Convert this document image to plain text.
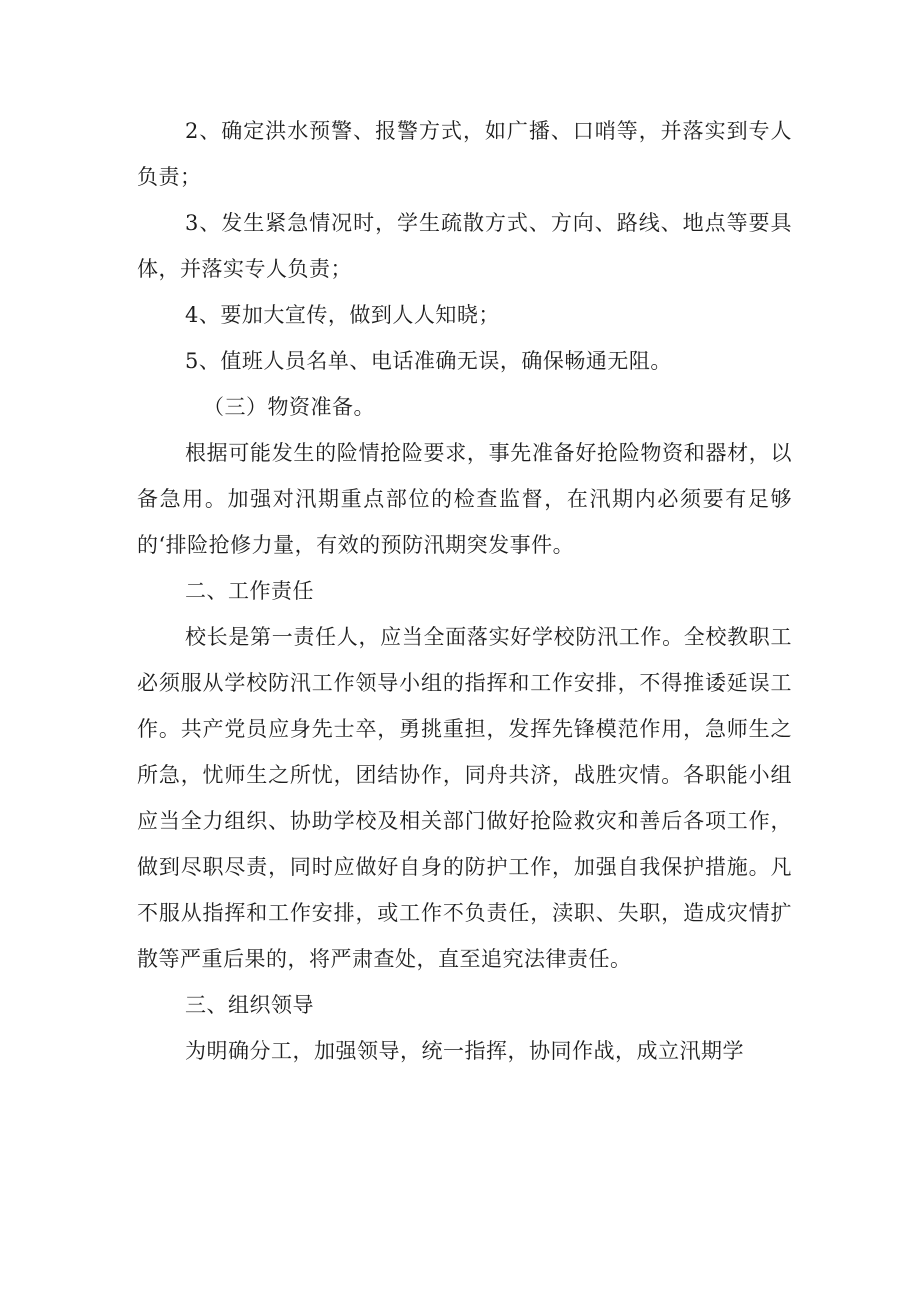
2、确定洪水预警、报警方式，如广播、口哨等，并落实到专人负责；

3、发生紧急情况时，学生疏散方式、方向、路线、地点等要具体，并落实专人负责；

4、要加大宣传，做到人人知晓；

5、值班人员名单、电话准确无误，确保畅通无阻。

（三）物资准备。

根据可能发生的险情抢险要求，事先准备好抢险物资和器材，以备急用。加强对汛期重点部位的检查监督，在汛期内必须要有足够的‘排险抢修力量，有效的预防汛期突发事件。

二、工作责任

校长是第一责任人，应当全面落实好学校防汛工作。全校教职工必须服从学校防汛工作领导小组的指挥和工作安排，不得推诿延误工作。共产党员应身先士卒，勇挑重担，发挥先锋模范作用，急师生之所急，忧师生之所忧，团结协作，同舟共济，战胜灾情。各职能小组应当全力组织、协助学校及相关部门做好抢险救灾和善后各项工作，做到尽职尽责，同时应做好自身的防护工作，加强自我保护措施。凡不服从指挥和工作安排，或工作不负责任，渎职、失职，造成灾情扩散等严重后果的，将严肃查处，直至追究法律责任。

三、组织领导

为明确分工，加强领导，统一指挥，协同作战，成立汛期学
